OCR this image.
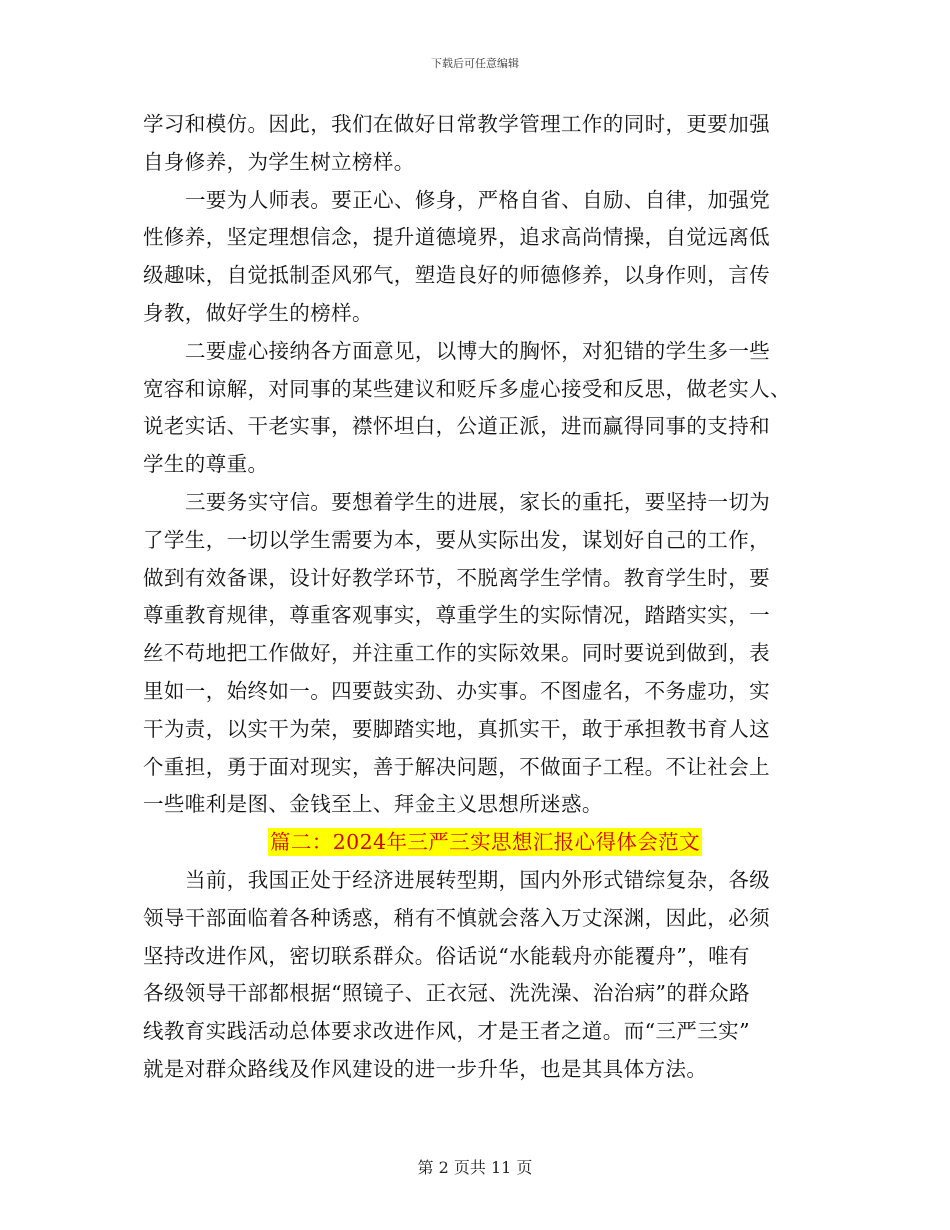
下载后可任意编辑
学习和模仿。因此，我们在做好日常教学管理工作的同时，更要加强
自身修养，为学生树立榜样。
一要为人师表。要正心、修身，严格自省、自励、自律，加强党
性修养，坚定理想信念，提升道德境界，追求高尚情操，自觉远离低
级趣味，自觉抵制歪风邪气，塑造良好的师德修养，以身作则，言传
身教，做好学生的榜样。
二要虚心接纳各方面意见，以博大的胸怀，对犯错的学生多一些
宽容和谅解，对同事的某些建议和贬斥多虚心接受和反思，做老实人、
说老实话、干老实事，襟怀坦白，公道正派，进而赢得同事的支持和
学生的尊重。
三要务实守信。要想着学生的进展，家长的重托，要坚持一切为
了学生，一切以学生需要为本，要从实际出发，谋划好自己的工作，
做到有效备课，设计好教学环节，不脱离学生学情。教育学生时，要
尊重教育规律，尊重客观事实，尊重学生的实际情况，踏踏实实，一
丝不苟地把工作做好，并注重工作的实际效果。同时要说到做到，表
里如一，始终如一。四要鼓实劲、办实事。不图虚名，不务虚功，实
干为责，以实干为荣，要脚踏实地，真抓实干，敢于承担教书育人这
个重担，勇于面对现实，善于解决问题，不做面子工程。不让社会上
一些唯利是图、金钱至上、拜金主义思想所迷惑。
篇二：2024年三严三实思想汇报心得体会范文
当前，我国正处于经济进展转型期，国内外形式错综复杂，各级
领导干部面临着各种诱惑，稍有不慎就会落入万丈深渊，因此，必须
坚持改进作风，密切联系群众。俗话说“水能载舟亦能覆舟”，唯有
各级领导干部都根据“照镜子、正衣冠、洗洗澡、治治病”的群众路
线教育实践活动总体要求改进作风，才是王者之道。而“三严三实”
就是对群众路线及作风建设的进一步升华，也是其具体方法。
第 2 页共 11 页
